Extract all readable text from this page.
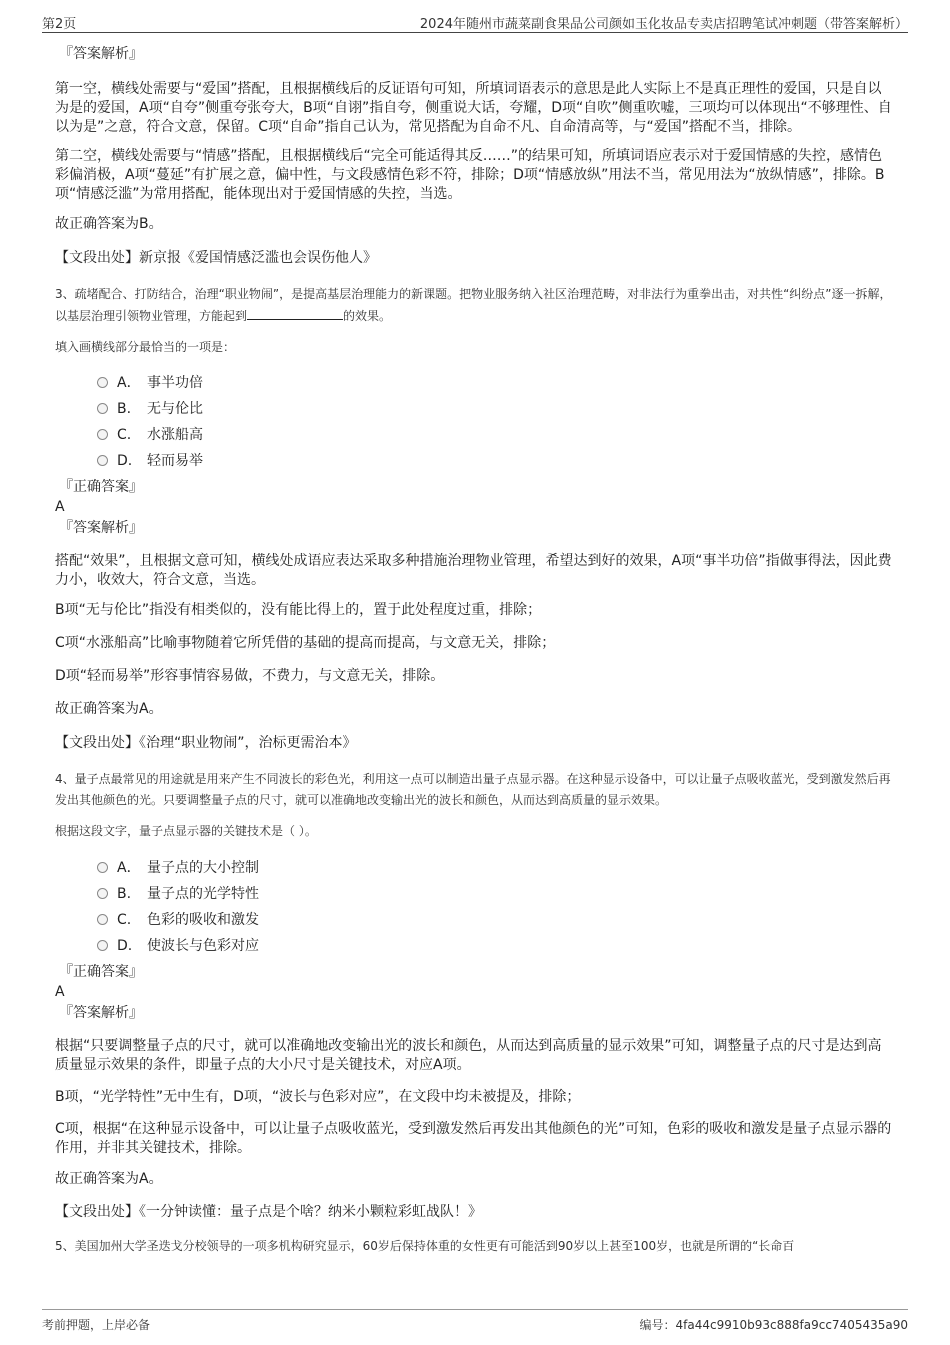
第2页	2024年随州市蔬菜副食果品公司颜如玉化妆品专卖店招聘笔试冲刺题（带答案解析）

『答案解析』

第一空，横线处需要与“爱国”搭配，且根据横线后的反证语句可知，所填词语表示的意思是此人实际上不是真正理性的爱国，只是自以为是的爱国，A项“自夸”侧重夸张夸大，B项“自诩”指自夸，侧重说大话，夸耀，D项“自吹”侧重吹嘘，三项均可以体现出“不够理性、自以为是”之意，符合文意，保留。C项“自命”指自己认为，常见搭配为自命不凡、自命清高等，与“爱国”搭配不当，排除。

第二空，横线处需要与“情感”搭配，且根据横线后“完全可能适得其反……”的结果可知，所填词语应表示对于爱国情感的失控，感情色彩偏消极，A项“蔓延”有扩展之意，偏中性，与文段感情色彩不符，排除；D项“情感放纵”用法不当，常见用法为“放纵情感”，排除。B项“情感泛滥”为常用搭配，能体现出对于爱国情感的失控，当选。

故正确答案为B。

【文段出处】新京报《爱国情感泛滥也会误伤他人》

3、疏堵配合、打防结合，治理“职业物闹”，是提高基层治理能力的新课题。把物业服务纳入社区治理范畴，对非法行为重拳出击，对共性“纠纷点”逐一拆解，以基层治理引领物业管理，方能起到	的效果。

填入画横线部分最恰当的一项是：

A． 事半功倍
B. 无与伦比
C. 水涨船高
D. 轻而易举

『正确答案』

A

『答案解析』

搭配“效果”，且根据文意可知，横线处成语应表达采取多种措施治理物业管理，希望达到好的效果，A项“事半功倍”指做事得法，因此费力小，收效大，符合文意，当选。

B项“无与伦比”指没有相类似的，没有能比得上的，置于此处程度过重，排除；

C项“水涨船高”比喻事物随着它所凭借的基础的提高而提高，与文意无关，排除；

D项“轻而易举”形容事情容易做，不费力，与文意无关，排除。

故正确答案为A。

【文段出处】《治理“职业物闹”，治标更需治本》

4、量子点最常见的用途就是用来产生不同波长的彩色光，利用这一点可以制造出量子点显示器。在这种显示设备中，可以让量子点吸收蓝光，受到激发然后再发出其他颜色的光。只要调整量子点的尺寸，就可以准确地改变输出光的波长和颜色，从而达到高质量的显示效果。

根据这段文字，量子点显示器的关键技术是（ ）。

A． 量子点的大小控制
B. 量子点的光学特性
C. 色彩的吸收和激发
D. 使波长与色彩对应

『正确答案』

A

『答案解析』

根据“只要调整量子点的尺寸，就可以准确地改变输出光的波长和颜色，从而达到高质量的显示效果”可知，调整量子点的尺寸是达到高质量显示效果的条件，即量子点的大小尺寸是关键技术，对应A项。

B项，“光学特性”无中生有，D项，“波长与色彩对应”，在文段中均未被提及，排除；

C项，根据“在这种显示设备中，可以让量子点吸收蓝光，受到激发然后再发出其他颜色的光”可知，色彩的吸收和激发是量子点显示器的作用，并非其关键技术，排除。

故正确答案为A。

【文段出处】《一分钟读懂：量子点是个啥？纳米小颗粒彩虹战队！》

5、美国加州大学圣迭戈分校领导的一项多机构研究显示，60岁后保持体重的女性更有可能活到90岁以上甚至100岁，也就是所谓的“长命百

考前押题，上岸必备	编号：4fa44c9910b93c888fa9cc7405435a90
